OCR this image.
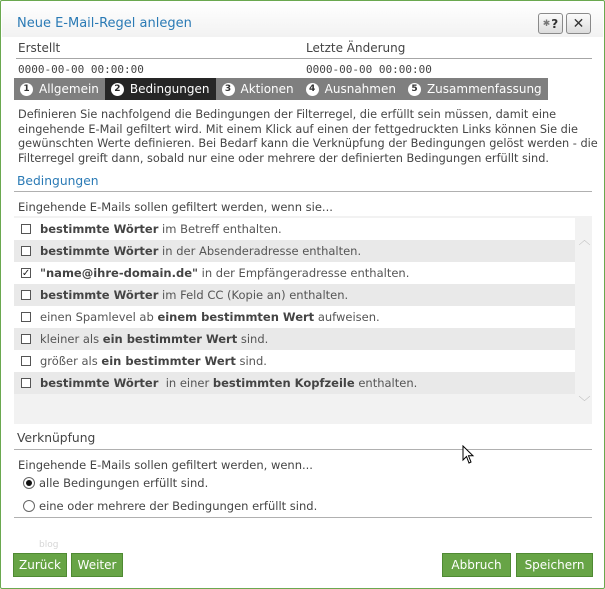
Neue E-Mail-Regel anlegen	✱ ? ✕
Erstellt	Letzte Änderung
0000-00-00 00:00:00	0000-00-00 00:00:00
1 Allgemein	2 Bedingungen	3 Aktionen	4 Ausnahmen	5 Zusammenfassung
Definieren Sie nachfolgend die Bedingungen der Filterregel, die erfüllt sein müssen, damit eine eingehende E-Mail gefiltert wird. Mit einem Klick auf einen der fettgedruckten Links können Sie die gewünschten Werte definieren. Bei Bedarf kann die Verknüpfung der Bedingungen gelöst werden - die Filterregel greift dann, sobald nur eine oder mehrere der definierten Bedingungen erfüllt sind.
Bedingungen
Eingehende E-Mails sollen gefiltert werden, wenn sie...
︿
﹀
bestimmte Wörter im Betreff enthalten.
bestimmte Wörter in der Absenderadresse enthalten.
✓ "name@ihre-domain.de" in der Empfängeradresse enthalten.
bestimmte Wörter im Feld CC (Kopie an) enthalten.
einen Spamlevel ab einem bestimmten Wert aufweisen.
kleiner als ein bestimmter Wert sind.
größer als ein bestimmter Wert sind.
bestimmte Wörter in einer bestimmten Kopfzeile enthalten.
Verknüpfung
Eingehende E-Mails sollen gefiltert werden, wenn...
alle Bedingungen erfüllt sind.
eine oder mehrere der Bedingungen erfüllt sind.
blog
Zurück	Weiter	Abbruch	Speichern
